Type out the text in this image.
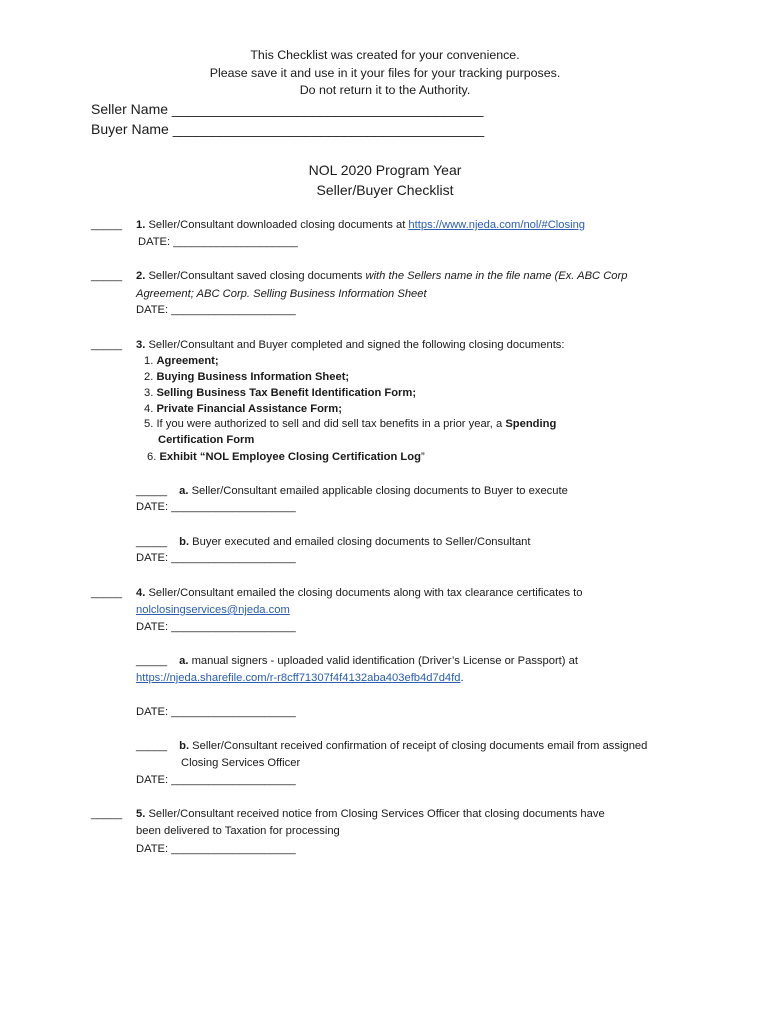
This Checklist was created for your convenience.
Please save it and use in it your files for your tracking purposes.
Do not return it to the Authority.
Seller Name ________________________________________
Buyer Name ________________________________________
NOL 2020 Program Year
Seller/Buyer Checklist
_____ 1. Seller/Consultant downloaded closing documents at https://www.njeda.com/nol/#Closing
DATE: ____________________
_____ 2. Seller/Consultant saved closing documents with the Sellers name in the file name (Ex. ABC Corp
Agreement; ABC Corp. Selling Business Information Sheet
DATE: ____________________
_____ 3. Seller/Consultant and Buyer completed and signed the following closing documents:
1. Agreement;
2. Buying Business Information Sheet;
3. Selling Business Tax Benefit Identification Form;
4. Private Financial Assistance Form;
5. If you were authorized to sell and did sell tax benefits in a prior year, a Spending
Certification Form
6. Exhibit “NOL Employee Closing Certification Log”
_____ a. Seller/Consultant emailed applicable closing documents to Buyer to execute
DATE: ____________________
_____ b. Buyer executed and emailed closing documents to Seller/Consultant
DATE: ____________________
_____ 4. Seller/Consultant emailed the closing documents along with tax clearance certificates to
nolclosingservices@njeda.com
DATE: ____________________
_____ a. manual signers - uploaded valid identification (Driver’s License or Passport) at
https://njeda.sharefile.com/r-r8cff71307f4f4132aba403efb4d7d4fd.
DATE: ____________________
_____ b. Seller/Consultant received confirmation of receipt of closing documents email from assigned
Closing Services Officer
DATE: ____________________
_____ 5. Seller/Consultant received notice from Closing Services Officer that closing documents have
been delivered to Taxation for processing
DATE: ____________________
